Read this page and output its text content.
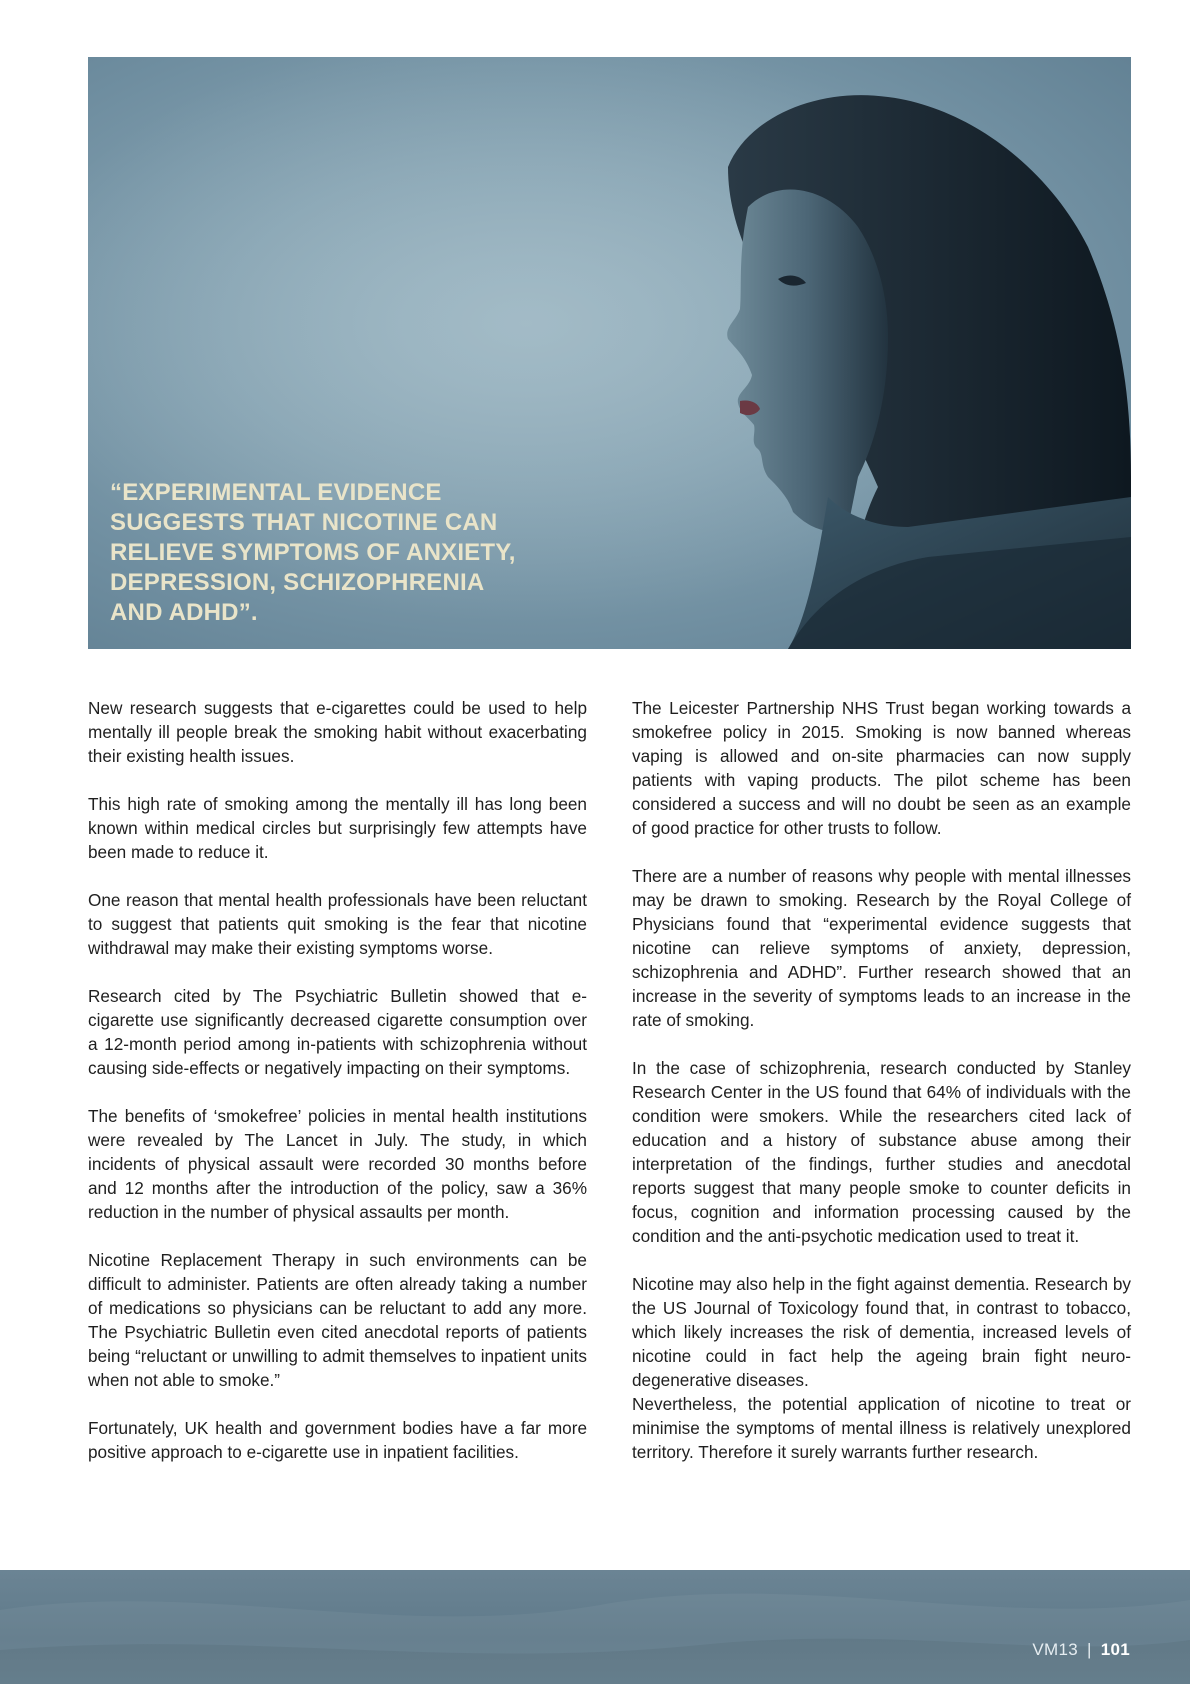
“EXPERIMENTAL EVIDENCE SUGGESTS THAT NICOTINE CAN RELIEVE SYMPTOMS OF ANXIETY, DEPRESSION, SCHIZOPHRENIA AND ADHD”.

New research suggests that e-cigarettes could be used to help mentally ill people break the smoking habit without exacerbating their existing health issues.

This high rate of smoking among the mentally ill has long been known within medical circles but surprisingly few attempts have been made to reduce it.

One reason that mental health professionals have been reluctant to suggest that patients quit smoking is the fear that nicotine withdrawal may make their existing symptoms worse.

Research cited by The Psychiatric Bulletin showed that e-cigarette use significantly decreased cigarette consumption over a 12-month period among in-patients with schizophrenia without causing side-effects or negatively impacting on their symptoms.

The benefits of ‘smokefree’ policies in mental health institutions were revealed by The Lancet in July. The study, in which incidents of physical assault were recorded 30 months before and 12 months after the introduction of the policy, saw a 36% reduction in the number of physical assaults per month.

Nicotine Replacement Therapy in such environments can be difficult to administer. Patients are often already taking a number of medications so physicians can be reluctant to add any more. The Psychiatric Bulletin even cited anecdotal reports of patients being “reluctant or unwilling to admit themselves to inpatient units when not able to smoke.”

Fortunately, UK health and government bodies have a far more positive approach to e-cigarette use in inpatient facilities.

The Leicester Partnership NHS Trust began working towards a smokefree policy in 2015. Smoking is now banned whereas vaping is allowed and on-site pharmacies can now supply patients with vaping products. The pilot scheme has been considered a success and will no doubt be seen as an example of good practice for other trusts to follow.

There are a number of reasons why people with mental illnesses may be drawn to smoking. Research by the Royal College of Physicians found that “experimental evidence suggests that nicotine can relieve symptoms of anxiety, depression, schizophrenia and ADHD”. Further research showed that an increase in the severity of symptoms leads to an increase in the rate of smoking.

In the case of schizophrenia, research conducted by Stanley Research Center in the US found that 64% of individuals with the condition were smokers. While the researchers cited lack of education and a history of substance abuse among their interpretation of the findings, further studies and anecdotal reports suggest that many people smoke to counter deficits in focus, cognition and information processing caused by the condition and the anti-psychotic medication used to treat it.

Nicotine may also help in the fight against dementia. Research by the US Journal of Toxicology found that, in contrast to tobacco, which likely increases the risk of dementia, increased levels of nicotine could in fact help the ageing brain fight neuro-degenerative diseases.

Nevertheless, the potential application of nicotine to treat or minimise the symptoms of mental illness is relatively unexplored territory. Therefore it surely warrants further research.

VM13 | 101
